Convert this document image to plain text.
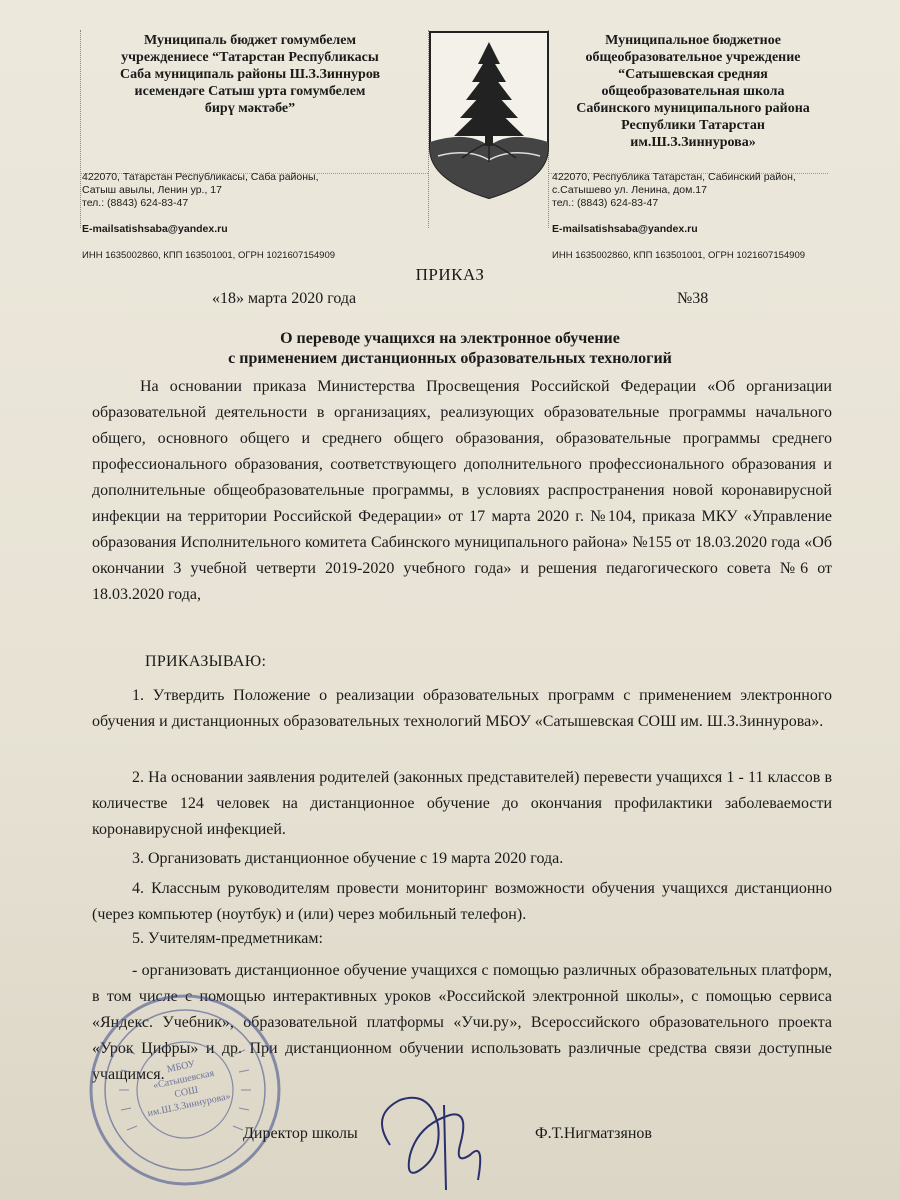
Муниципаль бюджет гомумбелем
учреждениесе “Татарстан Республикасы
Саба муниципаль районы Ш.З.Зиннуров
исемендәге Сатыш урта гомумбелем
бирү мәктәбе”
Муниципальное бюджетное
общеобразовательное учреждение
“Сатышевская средняя
общеобразовательная школа
Сабинского муниципального района
Республики Татарстан
им.Ш.З.Зиннурова»

422070, Татарстан Республикасы, Саба районы,
Сатыш авылы, Ленин ур., 17
тел.: (8843) 624-83-47

E-mailsatishsaba@yandex.ru

ИНН 1635002860, КПП 163501001, ОГРН 1021607154909

422070, Республика Татарстан, Сабинский район,
с.Сатышево ул. Ленина, дом.17
тел.: (8843) 624-83-47

E-mailsatishsaba@yandex.ru

ИНН 1635002860, КПП 163501001, ОГРН 1021607154909

ПРИКАЗ
«18» марта 2020 года	№38
О переводе учащихся на электронное обучение
с применением дистанционных образовательных технологий
На основании приказа Министерства Просвещения Российской Федерации «Об организации образовательной деятельности в организациях, реализующих образовательные программы начального общего, основного общего и среднего общего образования, образовательные программы среднего профессионального образования, соответствующего дополнительного профессионального образования и дополнительные общеобразовательные программы, в условиях распространения новой коронавирусной инфекции на территории Российской Федерации» от 17 марта 2020 г. №104, приказа МКУ «Управление образования Исполнительного комитета Сабинского муниципального района» №155 от 18.03.2020 года «Об окончании 3 учебной четверти 2019-2020 учебного года» и решения педагогического совета №6 от 18.03.2020 года,
ПРИКАЗЫВАЮ:
1. Утвердить Положение о реализации образовательных программ с применением электронного обучения и дистанционных образовательных технологий МБОУ «Сатышевская СОШ им. Ш.З.Зиннурова».
2. На основании заявления родителей (законных представителей) перевести учащихся 1 - 11 классов в количестве 124 человек на дистанционное обучение до окончания профилактики заболеваемости коронавирусной инфекцией.
3. Организовать дистанционное обучение с 19 марта 2020 года.
4. Классным руководителям провести мониторинг возможности обучения учащихся дистанционно (через компьютер (ноутбук) и (или) через мобильный телефон).
5. Учителям-предметникам:
- организовать дистанционное обучение учащихся с помощью различных образовательных платформ, в том числе с помощью интерактивных уроков «Российской электронной школы», с помощью сервиса «Яндекс. Учебник», образовательной платформы «Учи.ру», Всероссийского образовательного проекта «Урок Цифры» и др. При дистанционном обучении использовать различные средства связи доступные учащимся. МБОУ
«Сатышевская
СОШ
им.Ш.З.Зиннурова»
Директор школы	Ф.Т.Нигматзянов
